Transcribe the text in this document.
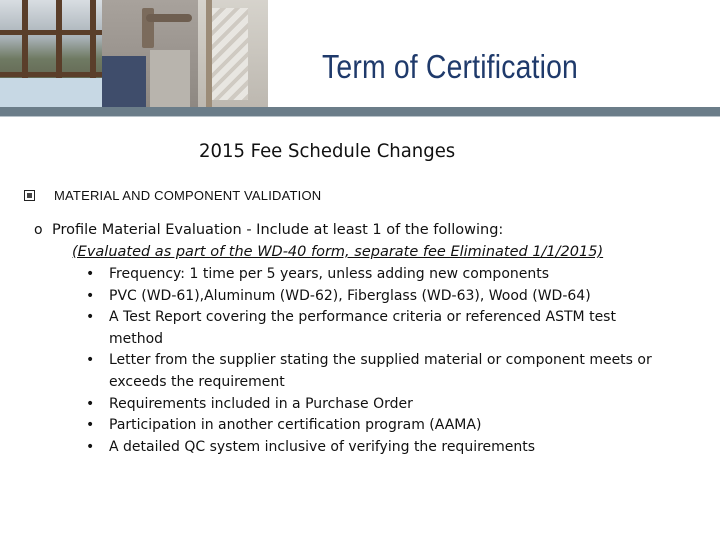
Term of Certification
2015 Fee Schedule Changes
MATERIAL AND COMPONENT VALIDATION
o Profile Material Evaluation - Include at least 1 of the following:
(Evaluated as part of the WD-40 form, separate fee Eliminated 1/1/2015)
• Frequency: 1 time per 5 years, unless adding new components
• PVC (WD-61),Aluminum (WD-62), Fiberglass (WD-63), Wood (WD-64)
• A Test Report covering the performance criteria or referenced ASTM test method
• Letter from the supplier stating the supplied material or component meets or exceeds the requirement
• Requirements included in a Purchase Order
• Participation in another certification program (AAMA)
• A detailed QC system inclusive of verifying the requirements
